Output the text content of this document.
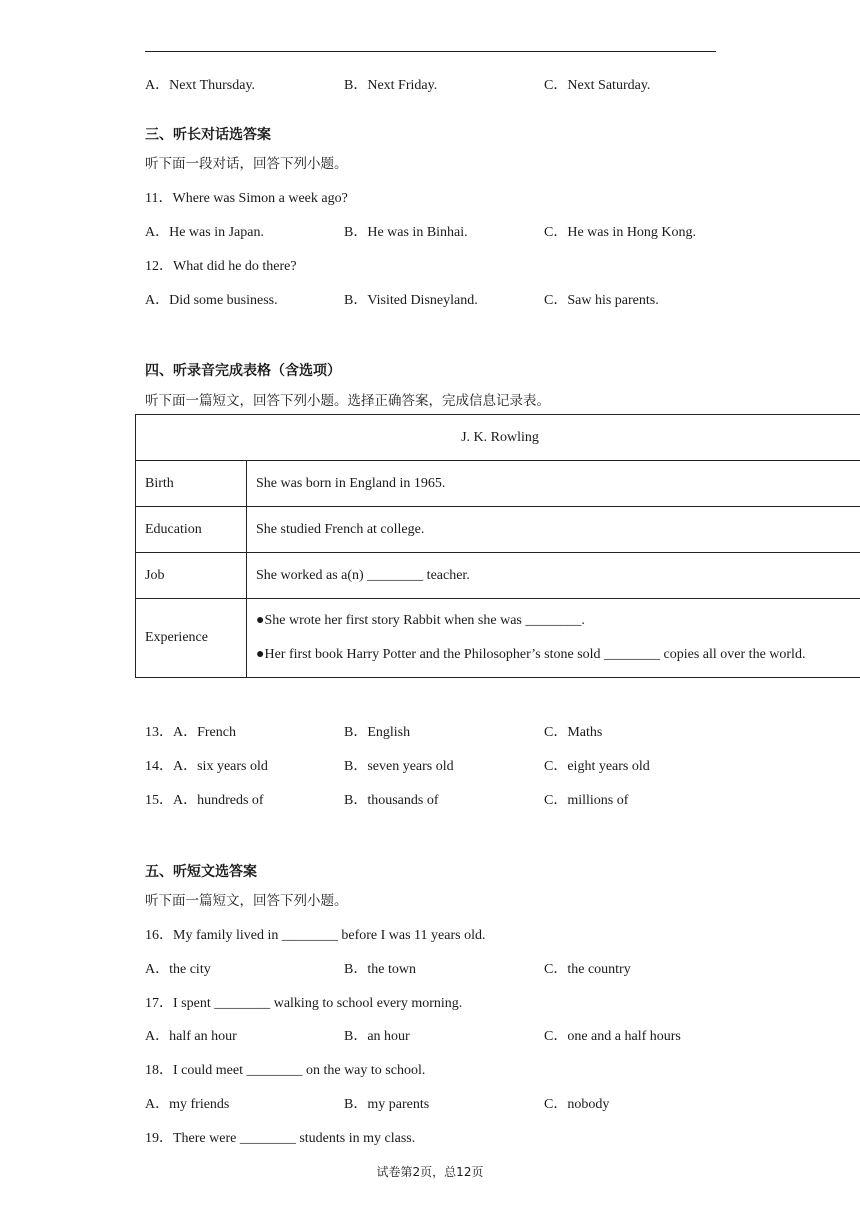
A．Next Thursday.	B．Next Friday.	C．Next Saturday.
三、听长对话选答案
听下面一段对话，回答下列小题。
11．Where was Simon a week ago?
A．He was in Japan.	B．He was in Binhai.	C．He was in Hong Kong.
12．What did he do there?
A．Did some business.	B．Visited Disneyland.	C．Saw his parents.
四、听录音完成表格（含选项）
听下面一篇短文，回答下列小题。选择正确答案，完成信息记录表。
J. K. Rowling	
Birth	She was born in England in 1965.
Education	She studied French at college.
Job	She worked as a(n) ________ teacher.
Experience	●She wrote her first story Rabbit when she was ________.
●Her first book Harry Potter and the Philosopher’s stone sold ________ copies all over the world.
13．A．French	B．English	C．Maths
14．A．six years old	B．seven years old	C．eight years old
15．A．hundreds of	B．thousands of	C．millions of
五、听短文选答案
听下面一篇短文，回答下列小题。
16．My family lived in ________ before I was 11 years old.
A．the city	B．the town	C．the country
17．I spent ________ walking to school every morning.
A．half an hour	B．an hour	C．one and a half hours
18．I could meet ________ on the way to school.
A．my friends	B．my parents	C．nobody
19．There were ________ students in my class.
试卷第2页，总12页
